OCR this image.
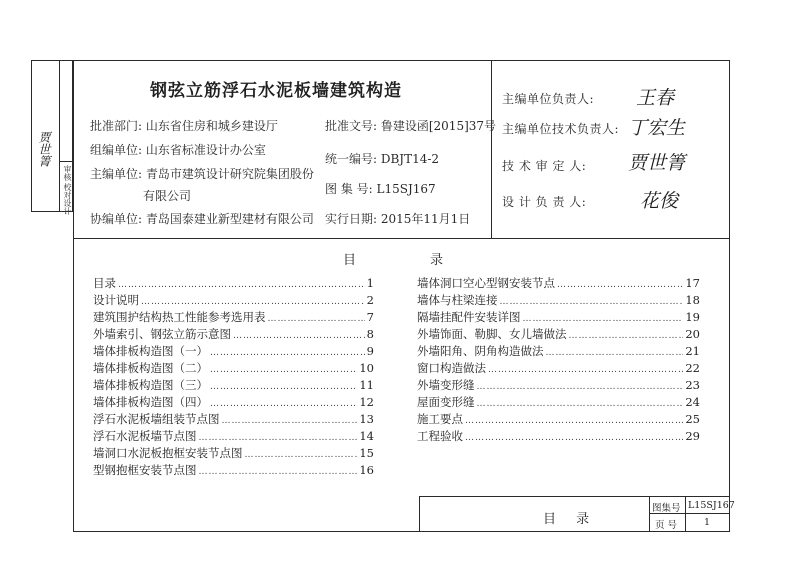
审核
校对
设计
贾世箐
钢弦立筋浮石水泥板墙建筑构造
批准部门: 山东省住房和城乡建设厅
组编单位: 山东省标准设计办公室
主编单位: 青岛市建筑设计研究院集团股份
有限公司
协编单位: 青岛国泰建业新型建材有限公司
批准文号: 鲁建设函[2015]37号
统一编号: DBJT14-2
图 集 号: L15SJ167
实行日期: 2015年11月1日
主编单位负责人: 王春
主编单位技术负责人: 丁宏生
技 术 审 定 人: 贾世箐
设 计 负 责 人:	花俊
目	录
目录 ………………………………………………………………………………………………………………………………………………	1
设计说明 ………………………………………………………………………………………………………………………………………………	2
建筑围护结构热工性能参考选用表 ………………………………………………………………………………………………………………………………………………	7
外墙索引、钢弦立筋示意图 ………………………………………………………………………………………………………………………………………………	8
墙体排板构造图（一） ………………………………………………………………………………………………………………………………………………	9
墙体排板构造图（二） ………………………………………………………………………………………………………………………………………………	10
墙体排板构造图（三） ………………………………………………………………………………………………………………………………………………	11
墙体排板构造图（四） ………………………………………………………………………………………………………………………………………………	12
浮石水泥板墙组装节点图 ………………………………………………………………………………………………………………………………………………	13
浮石水泥板墙节点图 ………………………………………………………………………………………………………………………………………………	14
墙洞口水泥板抱框安装节点图 ………………………………………………………………………………………………………………………………………………	15
型钢抱框安装节点图 ………………………………………………………………………………………………………………………………………………	16
墙体洞口空心型钢安装节点 ………………………………………………………………………………………………………………………………………………	17
墙体与柱梁连接 ………………………………………………………………………………………………………………………………………………	18
隔墙挂配件安装详图 ………………………………………………………………………………………………………………………………………………	19
外墙饰面、勒脚、女儿墙做法 ………………………………………………………………………………………………………………………………………………	20
外墙阳角、阴角构造做法 ………………………………………………………………………………………………………………………………………………	21
窗口构造做法 ………………………………………………………………………………………………………………………………………………	22
外墙变形缝 ………………………………………………………………………………………………………………………………………………	23
屋面变形缝 ………………………………………………………………………………………………………………………………………………	24
施工要点 ………………………………………………………………………………………………………………………………………………	25
工程验收 ………………………………………………………………………………………………………………………………………………	29
目 录
图集号 L15SJ167
页 号	1
